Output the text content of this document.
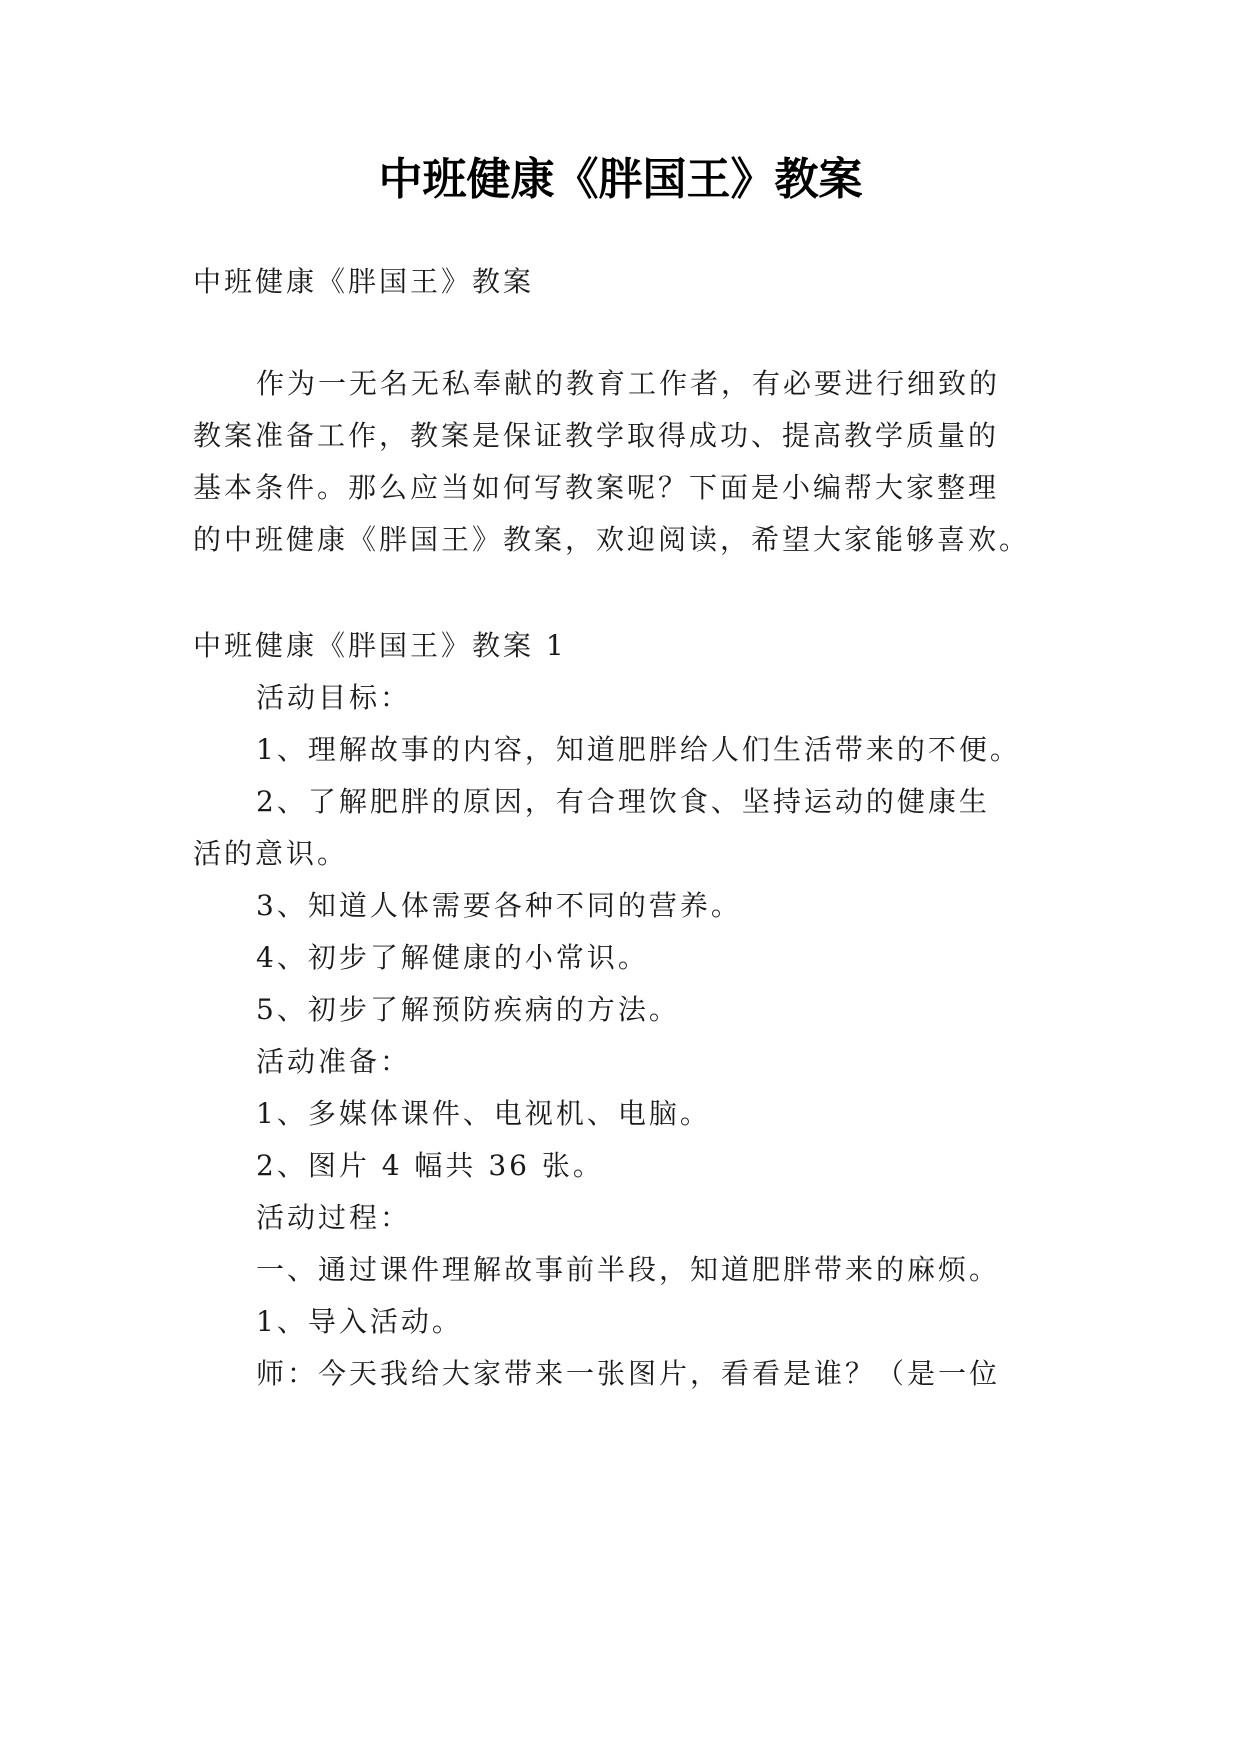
中班健康《胖国王》教案
中班健康《胖国王》教案
作为一无名无私奉献的教育工作者，有必要进行细致的
教案准备工作，教案是保证教学取得成功、提高教学质量的
基本条件。那么应当如何写教案呢？下面是小编帮大家整理
的中班健康《胖国王》教案，欢迎阅读，希望大家能够喜欢。
中班健康《胖国王》教案 1
活动目标：
1、理解故事的内容，知道肥胖给人们生活带来的不便。
2、了解肥胖的原因，有合理饮食、坚持运动的健康生
活的意识。
3、知道人体需要各种不同的营养。
4、初步了解健康的小常识。
5、初步了解预防疾病的方法。
活动准备：
1、多媒体课件、电视机、电脑。
2、图片 4 幅共 36 张。
活动过程：
一、通过课件理解故事前半段，知道肥胖带来的麻烦。
1、导入活动。
师：今天我给大家带来一张图片，看看是谁？（是一位
